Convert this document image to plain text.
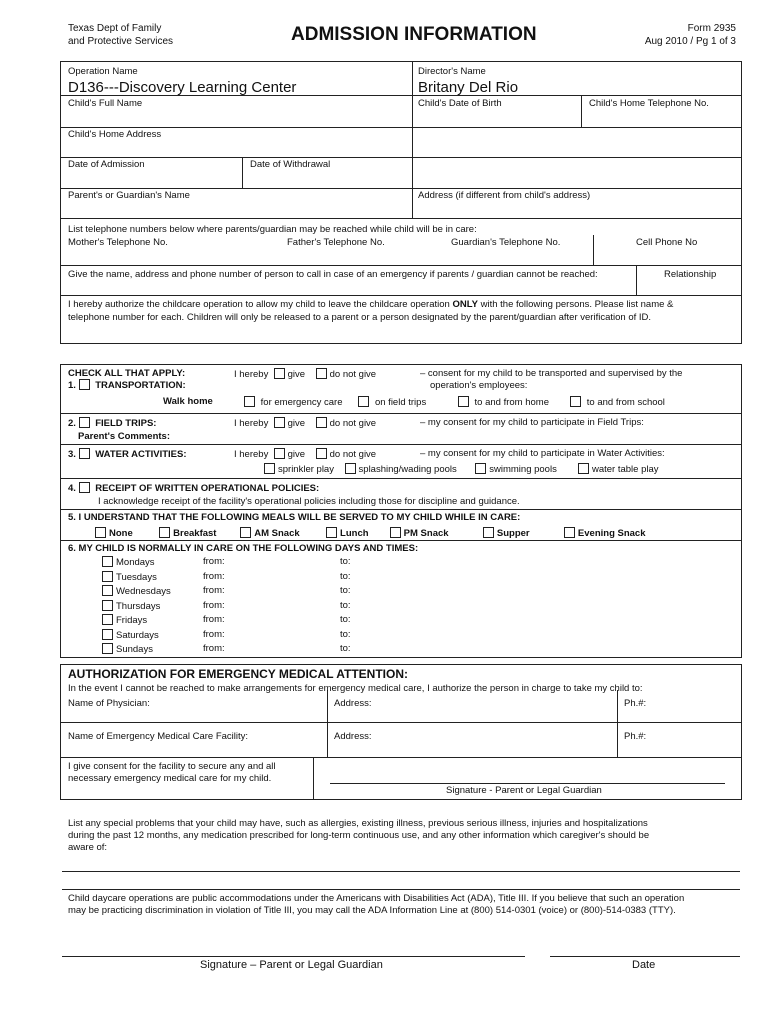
Texas Dept of Family
and Protective Services	ADMISSION INFORMATION	Form 2935
Aug 2010 / Pg 1 of 3
Operation Name
D136---Discovery Learning Center
Director's Name
Britany Del Rio
Child's Full Name	Child's Date of Birth	Child's Home Telephone No.
Child's Home Address
Date of Admission	Date of Withdrawal
Parent's or Guardian's Name	Address (if different from child's address)
List telephone numbers below where parents/guardian may be reached while child will be in care:
Mother's Telephone No.	Father's Telephone No.	Guardian's Telephone No.	Cell Phone No
Give the name, address and phone number of person to call in case of an emergency if parents / guardian cannot be reached:	Relationship
I hereby authorize the childcare operation to allow my child to leave the childcare operation ONLY with the following persons. Please list name &
telephone number for each. Children will only be released to a parent or a person designated by the parent/guardian after verification of ID.
CHECK ALL THAT APPLY:
1. TRANSPORTATION:
I hereby give	do not give	– consent for my child to be transported and supervised by the
operation's employees:
Walk home	for emergency care	on field trips	to and from home	to and from school
2. FIELD TRIPS:	I hereby give	do not give	– my consent for my child to participate in Field Trips:
Parent's Comments:
3. WATER ACTIVITIES:	I hereby give	do not give	– my consent for my child to participate in Water Activities:
sprinkler play	splashing/wading pools	swimming pools	water table play
4. RECEIPT OF WRITTEN OPERATIONAL POLICIES:
I acknowledge receipt of the facility's operational policies including those for discipline and guidance.
5. I UNDERSTAND THAT THE FOLLOWING MEALS WILL BE SERVED TO MY CHILD WHILE IN CARE:
None	Breakfast	AM Snack	Lunch	PM Snack	Supper	Evening Snack
6. MY CHILD IS NORMALLY IN CARE ON THE FOLLOWING DAYS AND TIMES:
Mondays	from:	to:
Tuesdays	from:	to:
Wednesdays	from:	to:
Thursdays	from:	to:
Fridays	from:	to:
Saturdays	from:	to:
Sundays	from:	to:
AUTHORIZATION FOR EMERGENCY MEDICAL ATTENTION:
In the event I cannot be reached to make arrangements for emergency medical care, I authorize the person in charge to take my child to:
Name of Physician:	Address:	Ph.#:
Name of Emergency Medical Care Facility:	Address:	Ph.#:
I give consent for the facility to secure any and all
necessary emergency medical care for my child.
Signature - Parent or Legal Guardian
List any special problems that your child may have, such as allergies, existing illness, previous serious illness, injuries and hospitalizations
during the past 12 months, any medication prescribed for long-term continuous use, and any other information which caregiver's should be
aware of:
Child daycare operations are public accommodations under the Americans with Disabilities Act (ADA), Title III. If you believe that such an operation
may be practicing discrimination in violation of Title III, you may call the ADA Information Line at (800) 514-0301 (voice) or (800)-514-0383 (TTY).
Signature – Parent or Legal Guardian	Date
